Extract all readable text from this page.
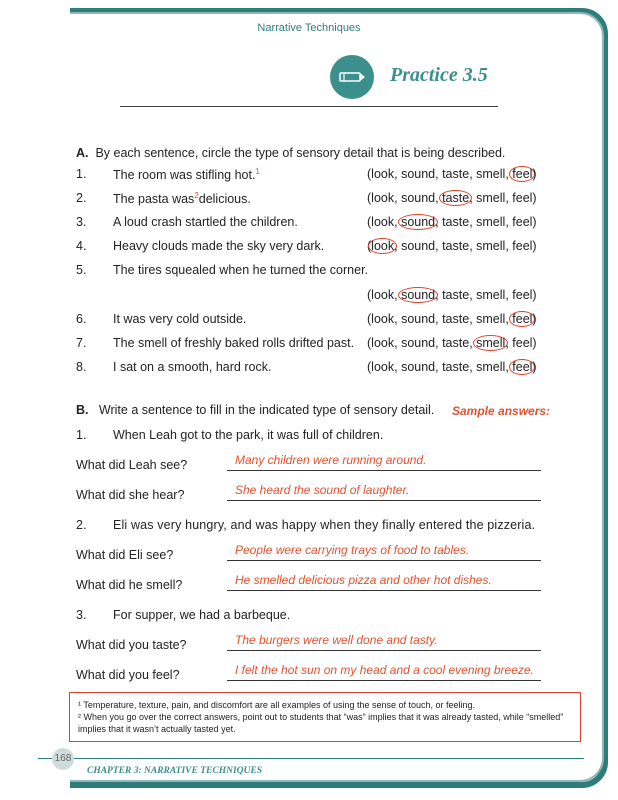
Narrative Techniques
Practice 3.5
A. By each sentence, circle the type of sensory detail that is being described.
1. The room was stifling hot.$^1$	(look, sound, taste, smell, feel)
2. The pasta was$^2$delicious.	(look, sound, taste, smell, feel)
3. A loud crash startled the children.	(look, sound, taste, smell, feel)
4. Heavy clouds made the sky very dark.	(look, sound, taste, smell, feel)
5. The tires squealed when he turned the corner.
(look, sound, taste, smell, feel)
6. It was very cold outside.	(look, sound, taste, smell, feel)
7. The smell of freshly baked rolls drifted past. (look, sound, taste, smell, feel)
8. I sat on a smooth, hard rock.	(look, sound, taste, smell, feel)
B. Write a sentence to fill in the indicated type of sensory detail. Sample answers:
1. When Leah got to the park, it was full of children.
What did Leah see?	Many children were running around.
What did she hear?	She heard the sound of laughter.
2. Eli was very hungry, and was happy when they finally entered the pizzeria.
What did Eli see?	People were carrying trays of food to tables.
What did he smell?	He smelled delicious pizza and other hot dishes.
3. For supper, we had a barbeque.
What did you taste?	The burgers were well done and tasty.
What did you feel?	I felt the hot sun on my head and a cool evening breeze.
¹ Temperature, texture, pain, and discomfort are all examples of using the sense of touch, or feeling.
² When you go over the correct answers, point out to students that “was” implies that it was already tasted, while “smelled” implies that it wasn’t actually tasted yet.
168
CHAPTER 3: NARRATIVE TECHNIQUES
